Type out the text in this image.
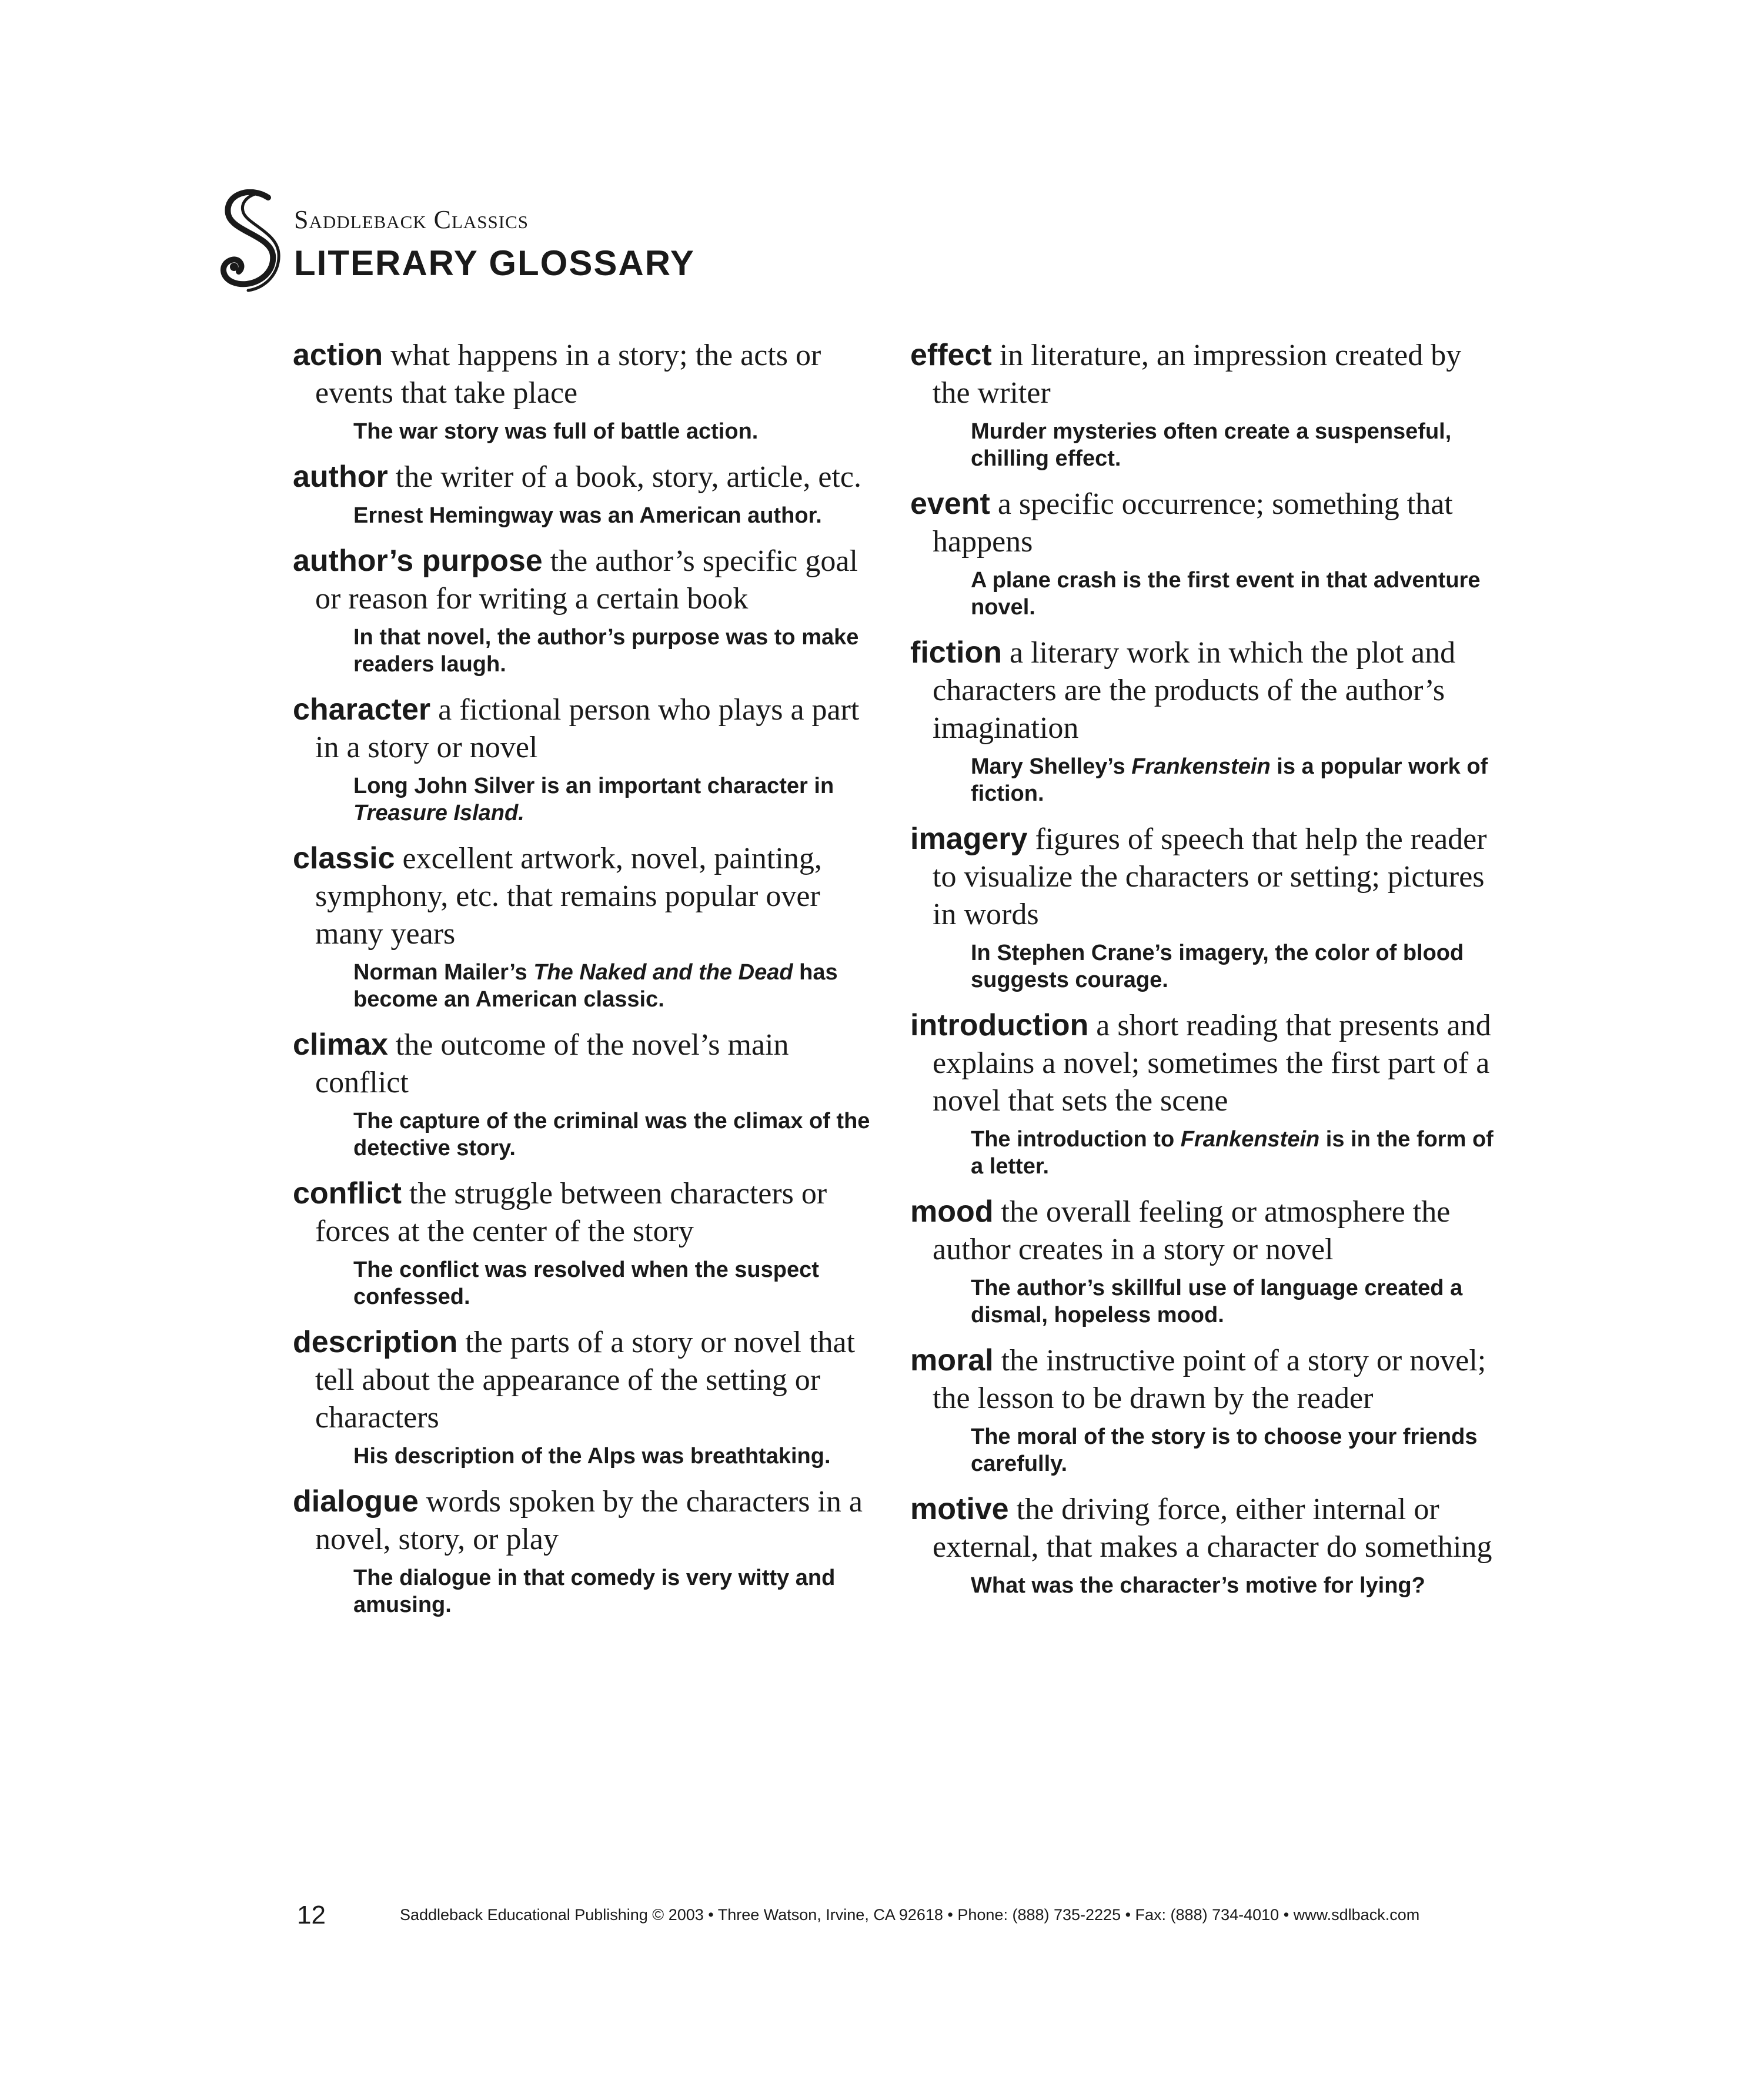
Saddleback Classics
LITERARY GLOSSARY
action what happens in a story; the acts or events that take place
The war story was full of battle action.
author the writer of a book, story, article, etc.
Ernest Hemingway was an American author.
author’s purpose the author’s specific goal or reason for writing a certain book
In that novel, the author’s purpose was to make readers laugh.
character a fictional person who plays a part in a story or novel
Long John Silver is an important character in Treasure Island.
classic excellent artwork, novel, painting, symphony, etc. that remains popular over many years
Norman Mailer’s The Naked and the Dead has become an American classic.
climax the outcome of the novel’s main conflict
The capture of the criminal was the climax of the detective story.
conflict the struggle between characters or forces at the center of the story
The conflict was resolved when the suspect confessed.
description the parts of a story or novel that tell about the appearance of the setting or characters
His description of the Alps was breathtaking.
dialogue words spoken by the characters in a novel, story, or play
The dialogue in that comedy is very witty and amusing.
effect in literature, an impression created by the writer
Murder mysteries often create a suspenseful, chilling effect.
event a specific occurrence; something that happens
A plane crash is the first event in that adventure novel.
fiction a literary work in which the plot and characters are the products of the author’s imagination
Mary Shelley’s Frankenstein is a popular work of fiction.
imagery figures of speech that help the reader to visualize the characters or setting; pictures in words
In Stephen Crane’s imagery, the color of blood suggests courage.
introduction a short reading that presents and explains a novel; sometimes the first part of a novel that sets the scene
The introduction to Frankenstein is in the form of a letter.
mood the overall feeling or atmosphere the author creates in a story or novel
The author’s skillful use of language created a dismal, hopeless mood.
moral the instructive point of a story or novel; the lesson to be drawn by the reader
The moral of the story is to choose your friends carefully.
motive the driving force, either internal or external, that makes a character do something
What was the character’s motive for lying?
12	Saddleback Educational Publishing © 2003 • Three Watson, Irvine, CA 92618 • Phone: (888) 735-2225 • Fax: (888) 734-4010 • www.sdlback.com
